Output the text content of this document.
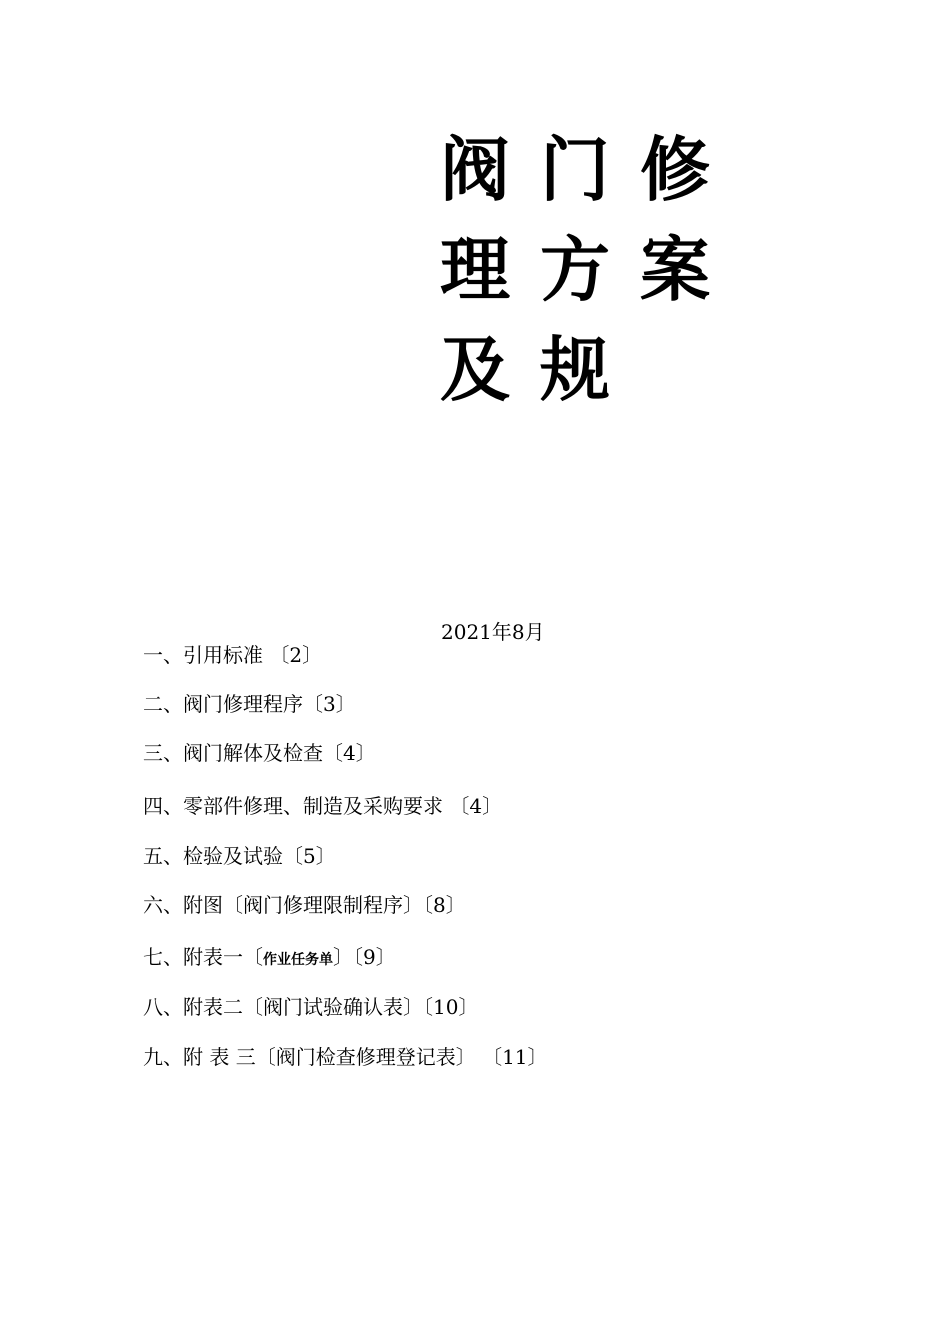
阀 门 修
理 方 案
及 规
2021年8月
一、引用标准 〔2〕
二、阀门修理程序〔3〕
三、阀门解体及检查〔4〕
四、零部件修理、制造及采购要求 〔4〕
五、检验及试验〔5〕
六、附图〔阀门修理限制程序〕〔8〕
七、附表一〔作业任务单〕〔9〕
八、附表二〔阀门试验确认表〕〔10〕
九、附 表 三〔阀门检查修理登记表〕 〔11〕
